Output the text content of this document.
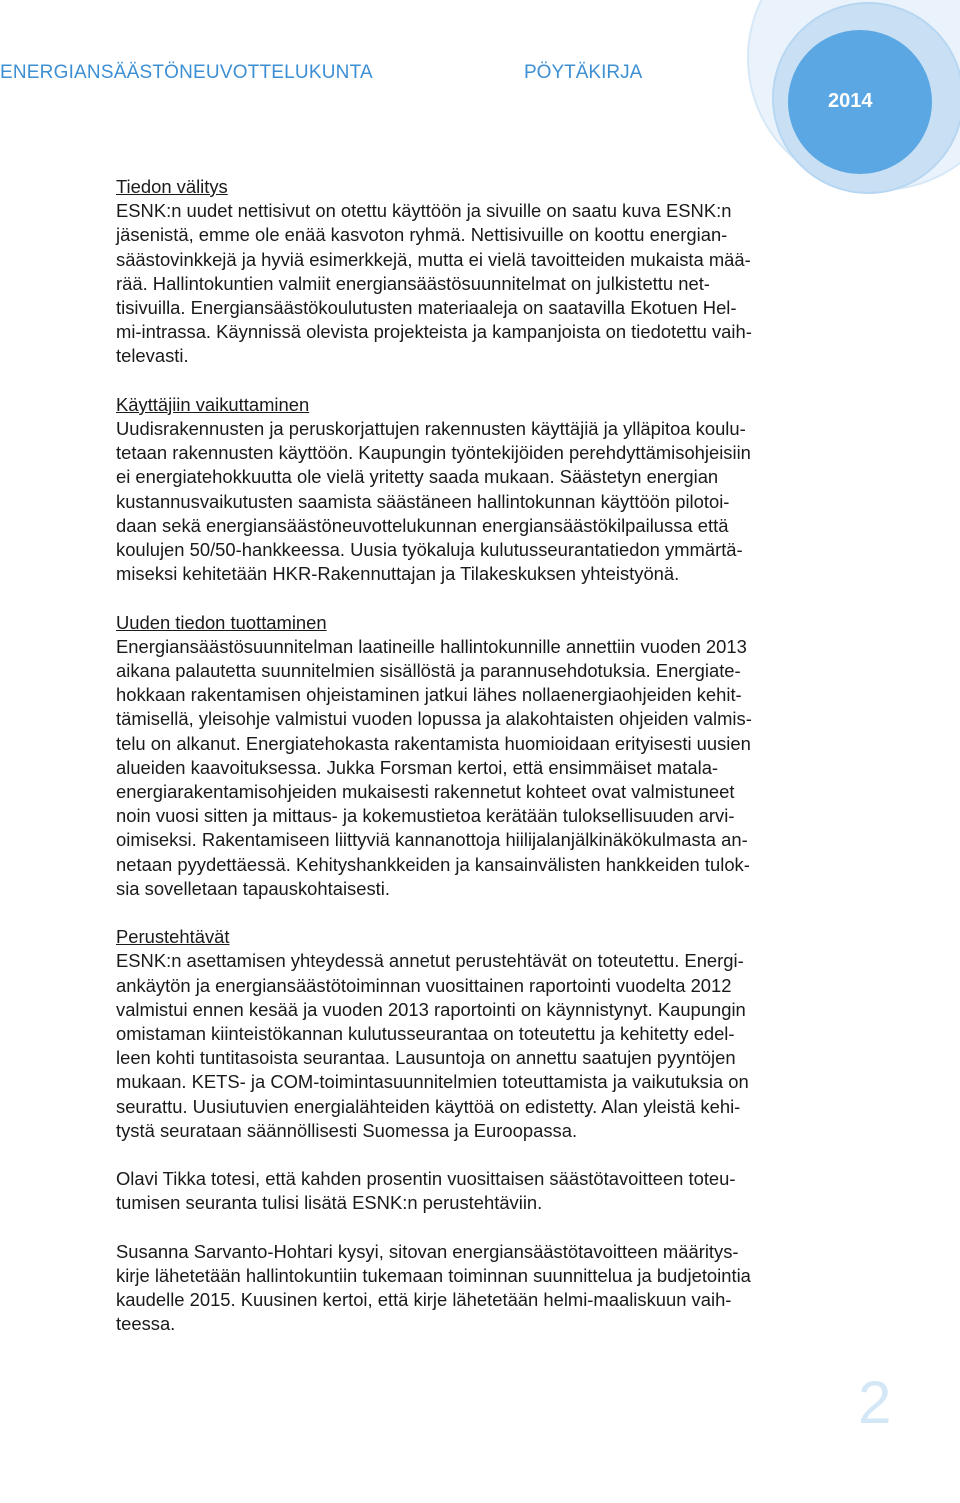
ENERGIANSÄÄSTÖNEUVOTTELUKUNTA	PÖYTÄKIRJA
2014
Tiedon välitys
ESNK:n uudet nettisivut on otettu käyttöön ja sivuille on saatu kuva ESNK:n
jäsenistä, emme ole enää kasvoton ryhmä. Nettisivuille on koottu energian-
säästovinkkejä ja hyviä esimerkkejä, mutta ei vielä tavoitteiden mukaista mää-
rää. Hallintokuntien valmiit energiansäästösuunnitelmat on julkistettu net-
tisivuilla. Energiansäästökoulutusten materiaaleja on saatavilla Ekotuen Hel-
mi-intrassa. Käynnissä olevista projekteista ja kampanjoista on tiedotettu vaih-
televasti.
Käyttäjiin vaikuttaminen
Uudisrakennusten ja peruskorjattujen rakennusten käyttäjiä ja ylläpitoa koulu-
tetaan rakennusten käyttöön. Kaupungin työntekijöiden perehdyttämisohjeisiin
ei energiatehokkuutta ole vielä yritetty saada mukaan. Säästetyn energian
kustannusvaikutusten saamista säästäneen hallintokunnan käyttöön pilotoi-
daan sekä energiansäästöneuvottelukunnan energiansäästökilpailussa että
koulujen 50/50-hankkeessa. Uusia työkaluja kulutusseurantatiedon ymmärtä-
miseksi kehitetään HKR-Rakennuttajan ja Tilakeskuksen yhteistyönä.
Uuden tiedon tuottaminen
Energiansäästösuunnitelman laatineille hallintokunnille annettiin vuoden 2013
aikana palautetta suunnitelmien sisällöstä ja parannusehdotuksia. Energiate-
hokkaan rakentamisen ohjeistaminen jatkui lähes nollaenergiaohjeiden kehit-
tämisellä, yleisohje valmistui vuoden lopussa ja alakohtaisten ohjeiden valmis-
telu on alkanut. Energiatehokasta rakentamista huomioidaan erityisesti uusien
alueiden kaavoituksessa. Jukka Forsman kertoi, että ensimmäiset matala-
energiarakentamisohjeiden mukaisesti rakennetut kohteet ovat valmistuneet
noin vuosi sitten ja mittaus- ja kokemustietoa kerätään tuloksellisuuden arvi-
oimiseksi. Rakentamiseen liittyviä kannanottoja hiilijalanjälkinäkökulmasta an-
netaan pyydettäessä. Kehityshankkeiden ja kansainvälisten hankkeiden tulok-
sia sovelletaan tapauskohtaisesti.
Perustehtävät
ESNK:n asettamisen yhteydessä annetut perustehtävät on toteutettu. Energi-
ankäytön ja energiansäästötoiminnan vuosittainen raportointi vuodelta 2012
valmistui ennen kesää ja vuoden 2013 raportointi on käynnistynyt. Kaupungin
omistaman kiinteistökannan kulutusseurantaa on toteutettu ja kehitetty edel-
leen kohti tuntitasoista seurantaa. Lausuntoja on annettu saatujen pyyntöjen
mukaan. KETS- ja COM-toimintasuunnitelmien toteuttamista ja vaikutuksia on
seurattu. Uusiutuvien energialähteiden käyttöä on edistetty. Alan yleistä kehi-
tystä seurataan säännöllisesti Suomessa ja Euroopassa.
Olavi Tikka totesi, että kahden prosentin vuosittaisen säästötavoitteen toteu-
tumisen seuranta tulisi lisätä ESNK:n perustehtäviin.
Susanna Sarvanto-Hohtari kysyi, sitovan energiansäästötavoitteen määritys-
kirje lähetetään hallintokuntiin tukemaan toiminnan suunnittelua ja budjetointia
kaudelle 2015. Kuusinen kertoi, että kirje lähetetään helmi-maaliskuun vaih-
teessa.
2
